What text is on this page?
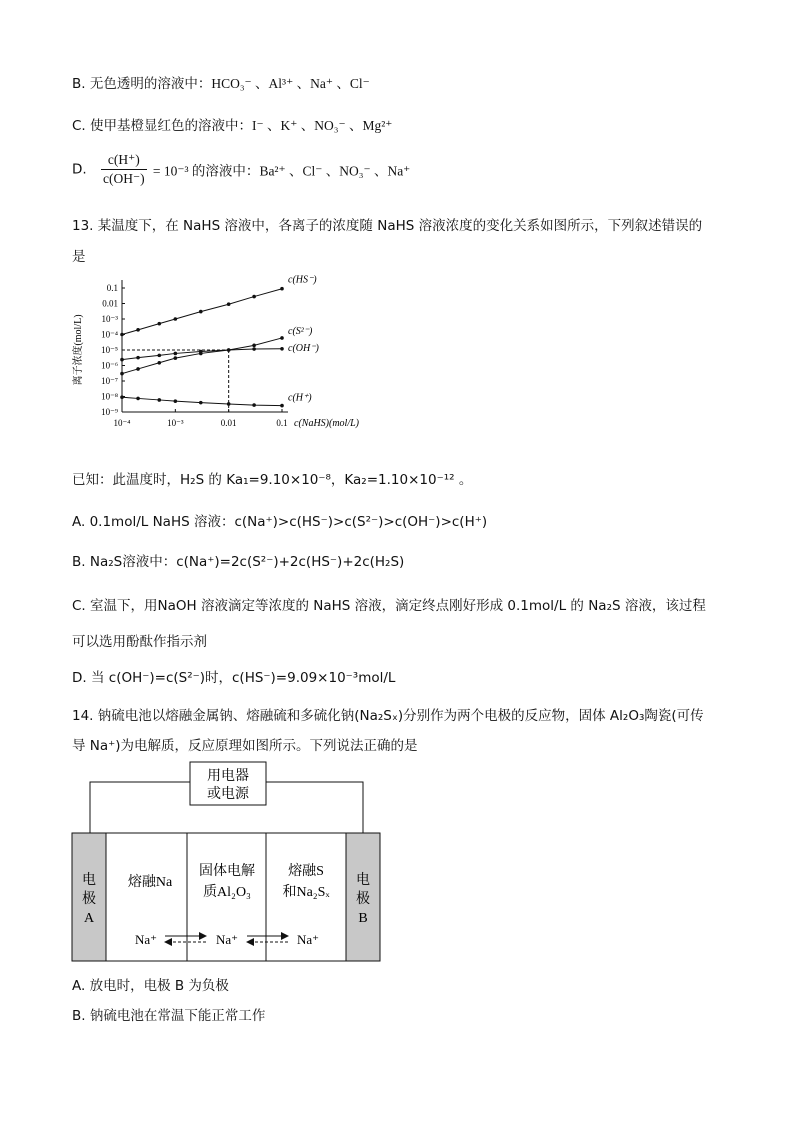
B. 无色透明的溶液中：HCO₃⁻ 、Al³⁺ 、Na⁺ 、Cl⁻
C. 使甲基橙显红色的溶液中：I⁻ 、K⁺ 、NO₃⁻ 、Mg²⁺
D. $\frac{c(H^+)}{c(OH^-)} = 10^{-3}$ 的溶液中：Ba²⁺ 、Cl⁻ 、NO₃⁻ 、Na⁺
13. 某温度下，在 NaHS 溶液中，各离子的浓度随 NaHS 溶液浓度的变化关系如图所示，下列叙述错误的
是
0.1
0.01
10⁻³
10⁻⁴
10⁻⁵
10⁻⁶
10⁻⁷
10⁻⁸
10⁻⁹
10⁻⁴	10⁻³	0.01	0.1
离子浓度(mol/L)
c(NaHS)(mol/L)
c(HS⁻)
c(S²⁻)
c(OH⁻)
c(H⁺)
已知：此温度时，H₂S 的 Ka₁=9.10×10⁻⁸，Ka₂=1.10×10⁻¹² 。
A. 0.1mol/L NaHS 溶液：c(Na⁺)>c(HS⁻)>c(S²⁻)>c(OH⁻)>c(H⁺)
B. Na₂S溶液中：c(Na⁺)=2c(S²⁻)+2c(HS⁻)+2c(H₂S)
C. 室温下，用NaOH 溶液滴定等浓度的 NaHS 溶液，滴定终点刚好形成 0.1mol/L 的 Na₂S 溶液，该过程
可以选用酚酞作指示剂
D. 当 c(OH⁻)=c(S²⁻)时，c(HS⁻)=9.09×10⁻³mol/L
14. 钠硫电池以熔融金属钠、熔融硫和多硫化钠(Na₂Sₓ)分别作为两个电极的反应物，固体 Al₂O₃陶瓷(可传
导 Na⁺)为电解质，反应原理如图所示。下列说法正确的是
用电器
或电源
电
极
A
电
极
B
熔融Na
固体电解
质Al₂O₃
熔融S
和Na₂Sₓ
Na⁺	Na⁺	Na⁺
A. 放电时，电极 B 为负极
B. 钠硫电池在常温下能正常工作
